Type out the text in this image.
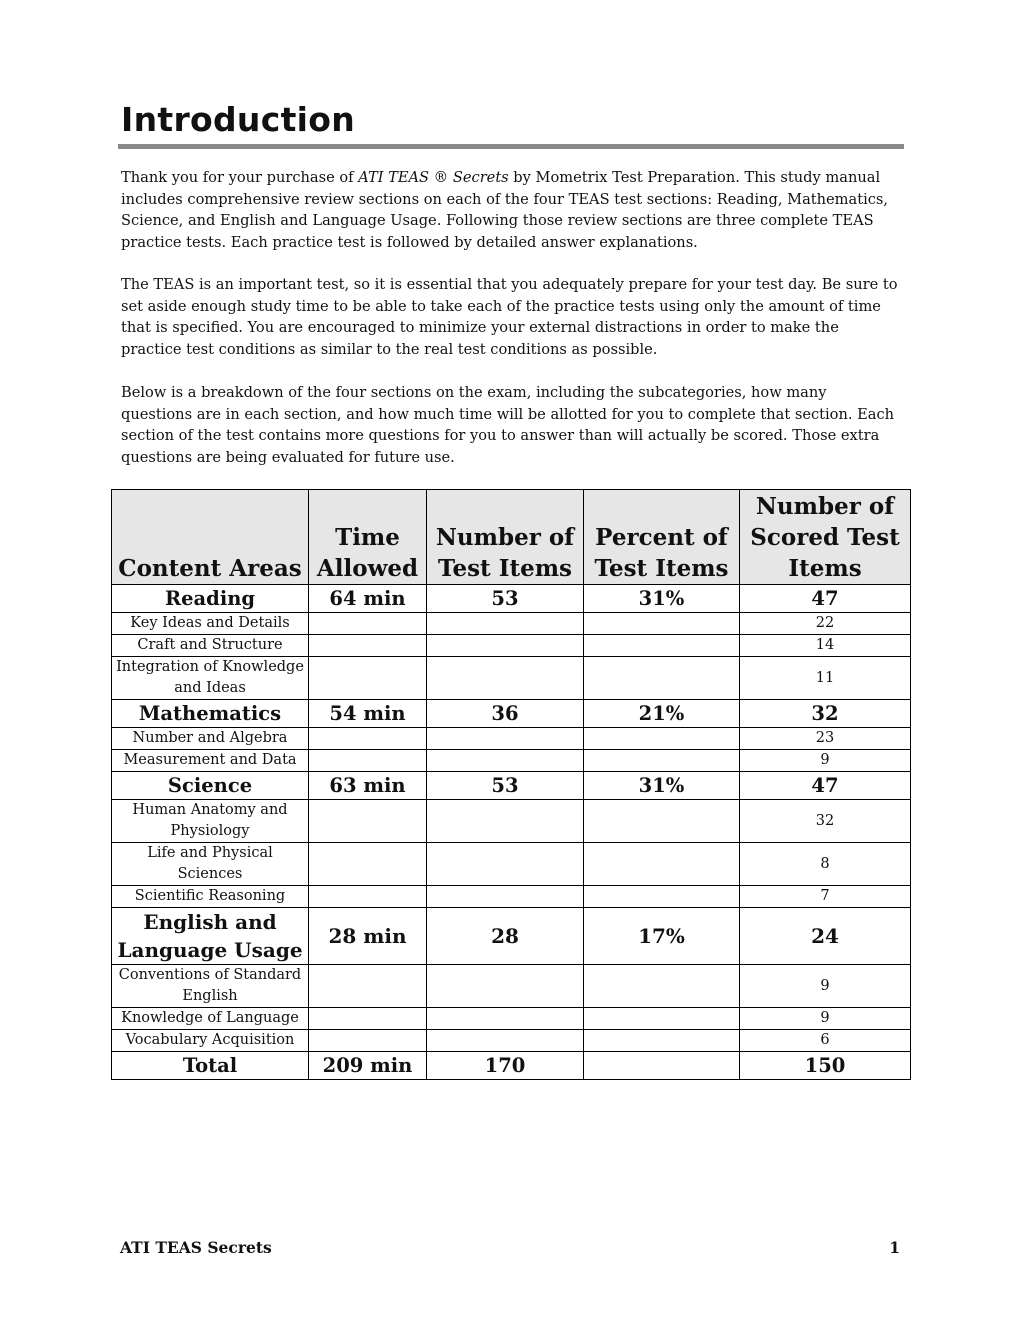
Introduction

Thank you for your purchase of ATI TEAS ® Secrets by Mometrix Test Preparation. This study manual includes comprehensive review sections on each of the four TEAS test sections: Reading, Mathematics, Science, and English and Language Usage. Following those review sections are three complete TEAS practice tests. Each practice test is followed by detailed answer explanations.

The TEAS is an important test, so it is essential that you adequately prepare for your test day. Be sure to set aside enough study time to be able to take each of the practice tests using only the amount of time that is specified. You are encouraged to minimize your external distractions in order to make the practice test conditions as similar to the real test conditions as possible.

Below is a breakdown of the four sections on the exam, including the subcategories, how many questions are in each section, and how much time will be allotted for you to complete that section. Each section of the test contains more questions for you to answer than will actually be scored. Those extra questions are being evaluated for future use.

Content Areas	Time Allowed	Number of Test Items	Percent of Test Items	Number of Scored Test Items
Reading	64 min	53	31%	47
Key Ideas and Details				22
Craft and Structure				14
Integration of Knowledge and Ideas				11
Mathematics	54 min	36	21%	32
Number and Algebra				23
Measurement and Data				9
Science	63 min	53	31%	47
Human Anatomy and Physiology				32
Life and Physical Sciences				8
Scientific Reasoning				7
English and Language Usage	28 min	28	17%	24
Conventions of Standard English				9
Knowledge of Language				9
Vocabulary Acquisition				6
Total	209 min	170		150
ATI TEAS Secrets	1
